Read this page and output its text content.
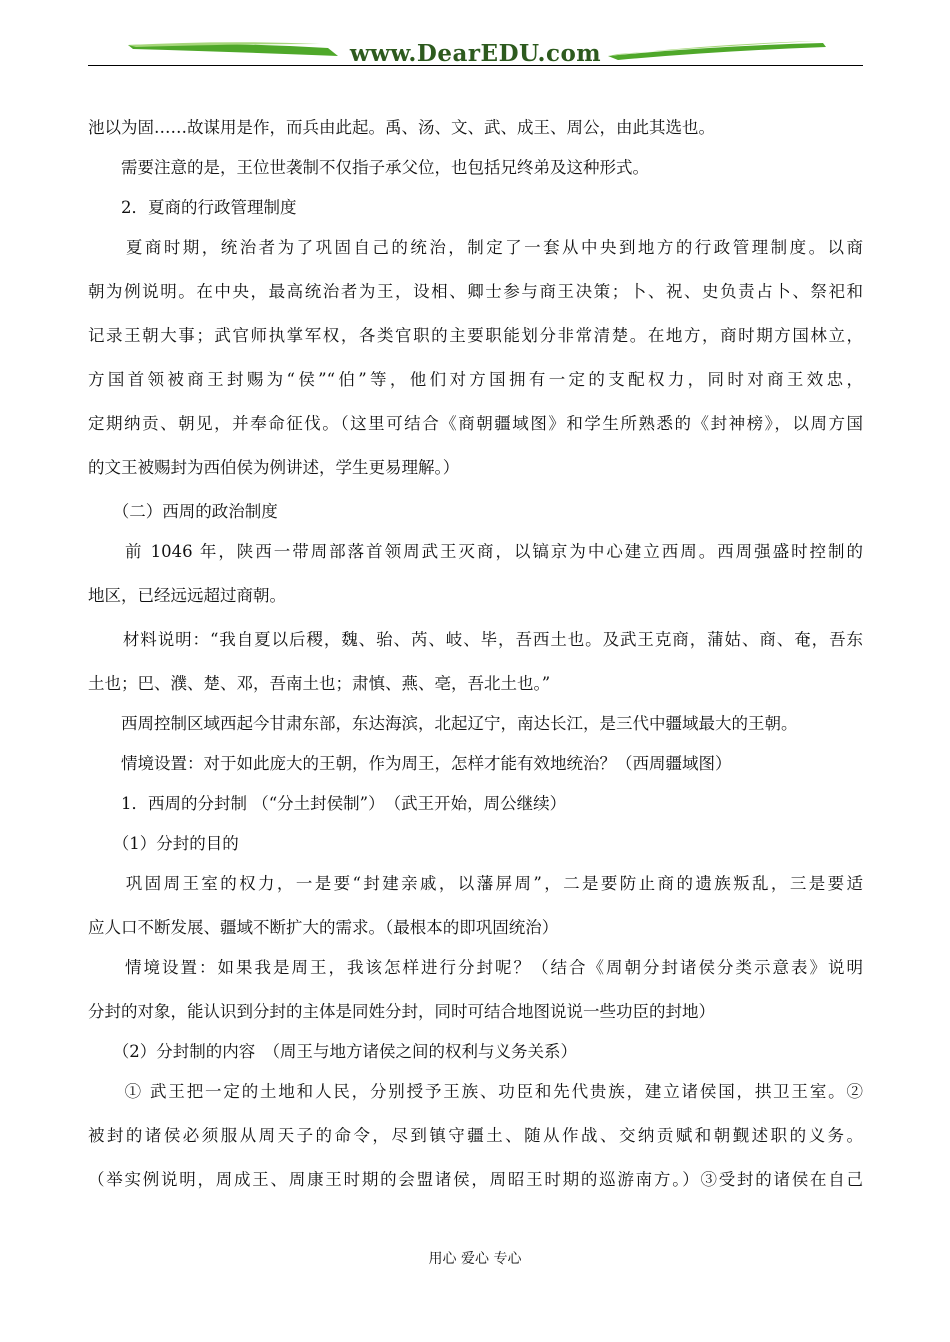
www.DearEDU.com
池以为固……故谋用是作，而兵由此起。禹、汤、文、武、成王、周公，由此其选也。
　　需要注意的是，王位世袭制不仅指子承父位，也包括兄终弟及这种形式。
　　2．夏商的行政管理制度
　　夏商时期，统治者为了巩固自己的统治，制定了一套从中央到地方的行政管理制度。以商
朝为例说明。在中央，最高统治者为王，设相、卿士参与商王决策；卜、祝、史负责占卜、祭祀和
记录王朝大事；武官师执掌军权，各类官职的主要职能划分非常清楚。在地方，商时期方国林立，
方国首领被商王封赐为“侯”“伯”等，他们对方国拥有一定的支配权力，同时对商王效忠，
定期纳贡、朝见，并奉命征伐。（这里可结合《商朝疆域图》和学生所熟悉的《封神榜》，以周方国
的文王被赐封为西伯侯为例讲述，学生更易理解。）
　　（二）西周的政治制度
　　前 1046 年，陕西一带周部落首领周武王灭商，以镐京为中心建立西周。西周强盛时控制的
地区，已经远远超过商朝。
　　材料说明：“我自夏以后稷，魏、骀、芮、岐、毕，吾西土也。及武王克商，蒲姑、商、奄，吾东
土也；巴、濮、楚、邓，吾南土也；肃慎、燕、亳，吾北土也。”
　　西周控制区域西起今甘肃东部，东达海滨，北起辽宁，南达长江，是三代中疆域最大的王朝。
　　情境设置：对于如此庞大的王朝，作为周王，怎样才能有效地统治？（西周疆域图）
　　1．西周的分封制 （“分土封侯制”）　（武王开始，周公继续）
　　（1）分封的目的
　　巩固周王室的权力，一是要“封建亲戚，以藩屏周”，二是要防止商的遗族叛乱，三是要适
应人口不断发展、疆域不断扩大的需求。（最根本的即巩固统治）
　　情境设置：如果我是周王，我该怎样进行分封呢？（结合《周朝分封诸侯分类示意表》说明
分封的对象，能认识到分封的主体是同姓分封，同时可结合地图说说一些功臣的封地）
　　（2）分封制的内容　（周王与地方诸侯之间的权利与义务关系）
　　① 武王把一定的土地和人民，分别授予王族、功臣和先代贵族，建立诸侯国，拱卫王室。②
被封的诸侯必须服从周天子的命令，尽到镇守疆土、随从作战、交纳贡赋和朝觐述职的义务。
（举实例说明，周成王、周康王时期的会盟诸侯，周昭王时期的巡游南方。）③受封的诸侯在自己
用心 爱心 专心
